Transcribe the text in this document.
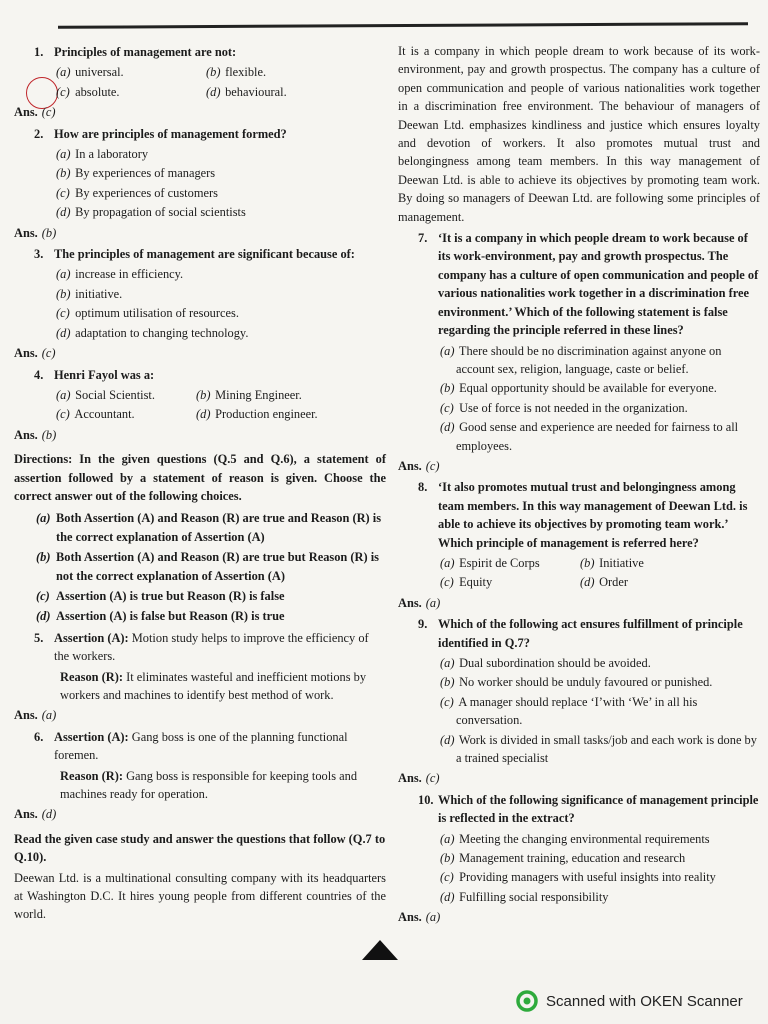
1. Principles of management are not:
(a) universal.	(b) flexible.
(c) absolute.	(d) behavioural.
Ans. (c)
2. How are principles of management formed?
(a) In a laboratory
(b) By experiences of managers
(c) By experiences of customers
(d) By propagation of social scientists
Ans. (b)
3. The principles of management are significant because of:
(a) increase in efficiency.
(b) initiative.
(c) optimum utilisation of resources.
(d) adaptation to changing technology.
Ans. (c)
4. Henri Fayol was a:
(a) Social Scientist.	(b) Mining Engineer.
(c) Accountant.	(d) Production engineer.
Ans. (b)
Directions: In the given questions (Q.5 and Q.6), a statement of assertion followed by a statement of reason is given. Choose the correct answer out of the following choices.
(a) Both Assertion (A) and Reason (R) are true and Reason (R) is the correct explanation of Assertion (A)
(b) Both Assertion (A) and Reason (R) are true but Reason (R) is not the correct explanation of Assertion (A)
(c) Assertion (A) is true but Reason (R) is false
(d) Assertion (A) is false but Reason (R) is true
5. Assertion (A): Motion study helps to improve the efficiency of the workers.
Reason (R): It eliminates wasteful and inefficient motions by workers and machines to identify best method of work.
Ans. (a)
6. Assertion (A): Gang boss is one of the planning functional foremen.
Reason (R): Gang boss is responsible for keeping tools and machines ready for operation.
Ans. (d)
Read the given case study and answer the questions that follow (Q.7 to Q.10).
Deewan Ltd. is a multinational consulting company with its headquarters at Washington D.C. It hires young people from different countries of the world.
It is a company in which people dream to work because of its work-environment, pay and growth prospectus. The company has a culture of open communication and people of various nationalities work together in a discrimination free environment. The behaviour of managers of Deewan Ltd. emphasizes kindliness and justice which ensures loyalty and devotion of workers. It also promotes mutual trust and belongingness among team members. In this way management of Deewan Ltd. is able to achieve its objectives by promoting team work. By doing so managers of Deewan Ltd. are following some principles of management.
7. ‘It is a company in which people dream to work because of its work-environment, pay and growth prospectus. The company has a culture of open communication and people of various nationalities work together in a discrimination free environment.’ Which of the following statement is false regarding the principle referred in these lines?
(a) There should be no discrimination against anyone on account sex, religion, language, caste or belief.
(b) Equal opportunity should be available for everyone.
(c) Use of force is not needed in the organization.
(d) Good sense and experience are needed for fairness to all employees.
Ans. (c)
8. ‘It also promotes mutual trust and belongingness among team members. In this way management of Deewan Ltd. is able to achieve its objectives by promoting team work.’ Which principle of management is referred here?
(a) Espirit de Corps	(b) Initiative
(c) Equity	(d) Order
Ans. (a)
9. Which of the following act ensures fulfillment of principle identified in Q.7?
(a) Dual subordination should be avoided.
(b) No worker should be unduly favoured or punished.
(c) A manager should replace ‘I’with ‘We’ in all his conversation.
(d) Work is divided in small tasks/job and each work is done by a trained specialist
Ans. (c)
10. Which of the following significance of management principle is reflected in the extract?
(a) Meeting the changing environmental requirements
(b) Management training, education and research
(c) Providing managers with useful insights into reality
(d) Fulfilling social responsibility
Ans. (a)
Scanned with OKEN Scanner
